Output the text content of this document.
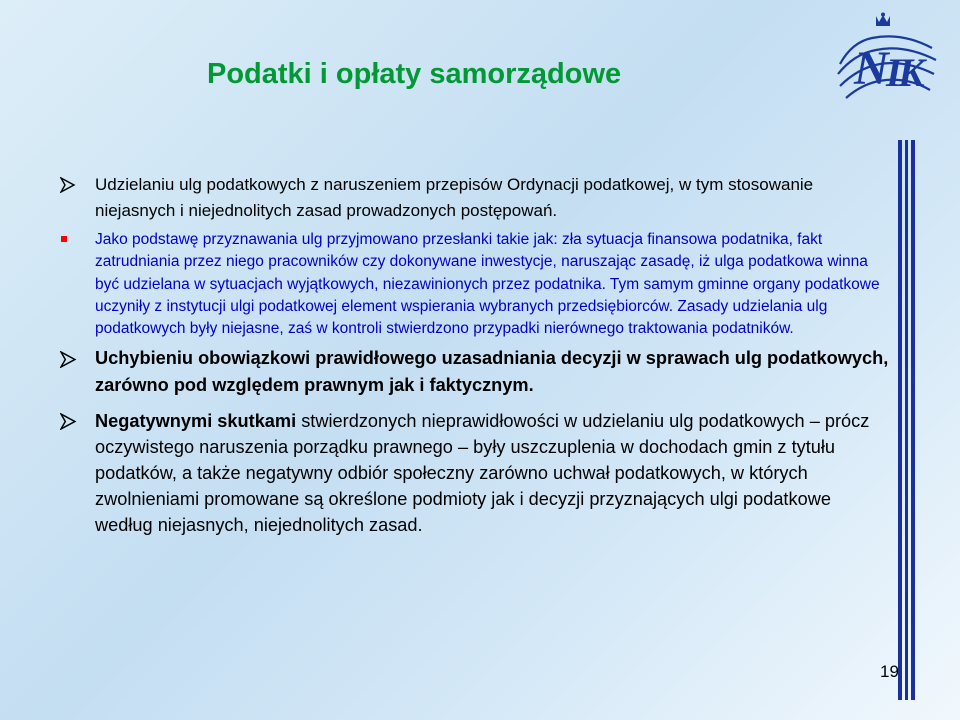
Podatki i opłaty samorządowe	N
I
K
Udzielaniu ulg podatkowych z naruszeniem przepisów Ordynacji podatkowej, w tym stosowanie niejasnych i niejednolitych zasad prowadzonych postępowań.
Jako podstawę przyznawania ulg przyjmowano przesłanki takie jak: zła sytuacja finansowa podatnika, fakt zatrudniania przez niego pracowników czy dokonywane inwestycje, naruszając zasadę, iż ulga podatkowa winna być udzielana w sytuacjach wyjątkowych, niezawinionych przez podatnika. Tym samym gminne organy podatkowe uczyniły z instytucji ulgi podatkowej element wspierania wybranych przedsiębiorców. Zasady udzielania ulg podatkowych były niejasne, zaś w kontroli stwierdzono przypadki nierównego traktowania podatników.
Uchybieniu obowiązkowi prawidłowego uzasadniania decyzji w sprawach ulg podatkowych, zarówno pod względem prawnym jak i faktycznym.
Negatywnymi skutkami stwierdzonych nieprawidłowości w udzielaniu ulg podatkowych – prócz oczywistego naruszenia porządku prawnego – były uszczuplenia w dochodach gmin z tytułu podatków, a także negatywny odbiór społeczny zarówno uchwał podatkowych, w których zwolnieniami promowane są określone podmioty jak i decyzji przyznających ulgi podatkowe według niejasnych, niejednolitych zasad.
19
